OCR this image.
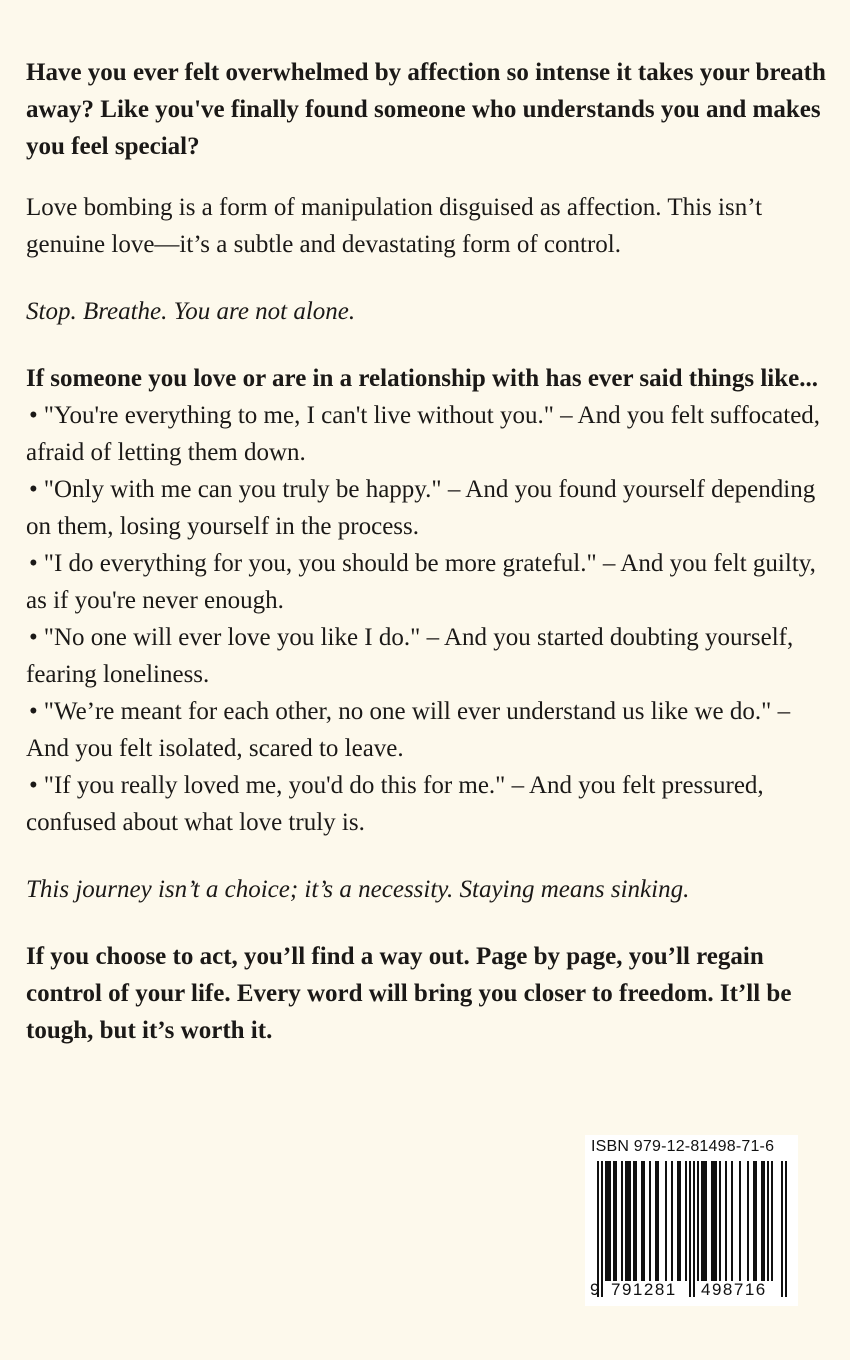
Have you ever felt overwhelmed by affection so intense it takes your breath away? Like you've finally found someone who understands you and makes you feel special?

Love bombing is a form of manipulation disguised as affection. This isn’t genuine love—it’s a subtle and devastating form of control.

Stop. Breathe. You are not alone.

If someone you love or are in a relationship with has ever said things like...

• "You're everything to me, I can't live without you." – And you felt suffocated, afraid of letting them down.
• "Only with me can you truly be happy." – And you found yourself depending on them, losing yourself in the process.
• "I do everything for you, you should be more grateful." – And you felt guilty, as if you're never enough.
• "No one will ever love you like I do." – And you started doubting yourself, fearing loneliness.
• "We’re meant for each other, no one will ever understand us like we do." – And you felt isolated, scared to leave.
• "If you really loved me, you'd do this for me." – And you felt pressured, confused about what love truly is.

This journey isn’t a choice; it’s a necessity. Staying means sinking.

If you choose to act, you’ll find a way out. Page by page, you’ll regain control of your life. Every word will bring you closer to freedom. It’ll be tough, but it’s worth it.

ISBN 979-12-81498-71-6
9 791281 498716
